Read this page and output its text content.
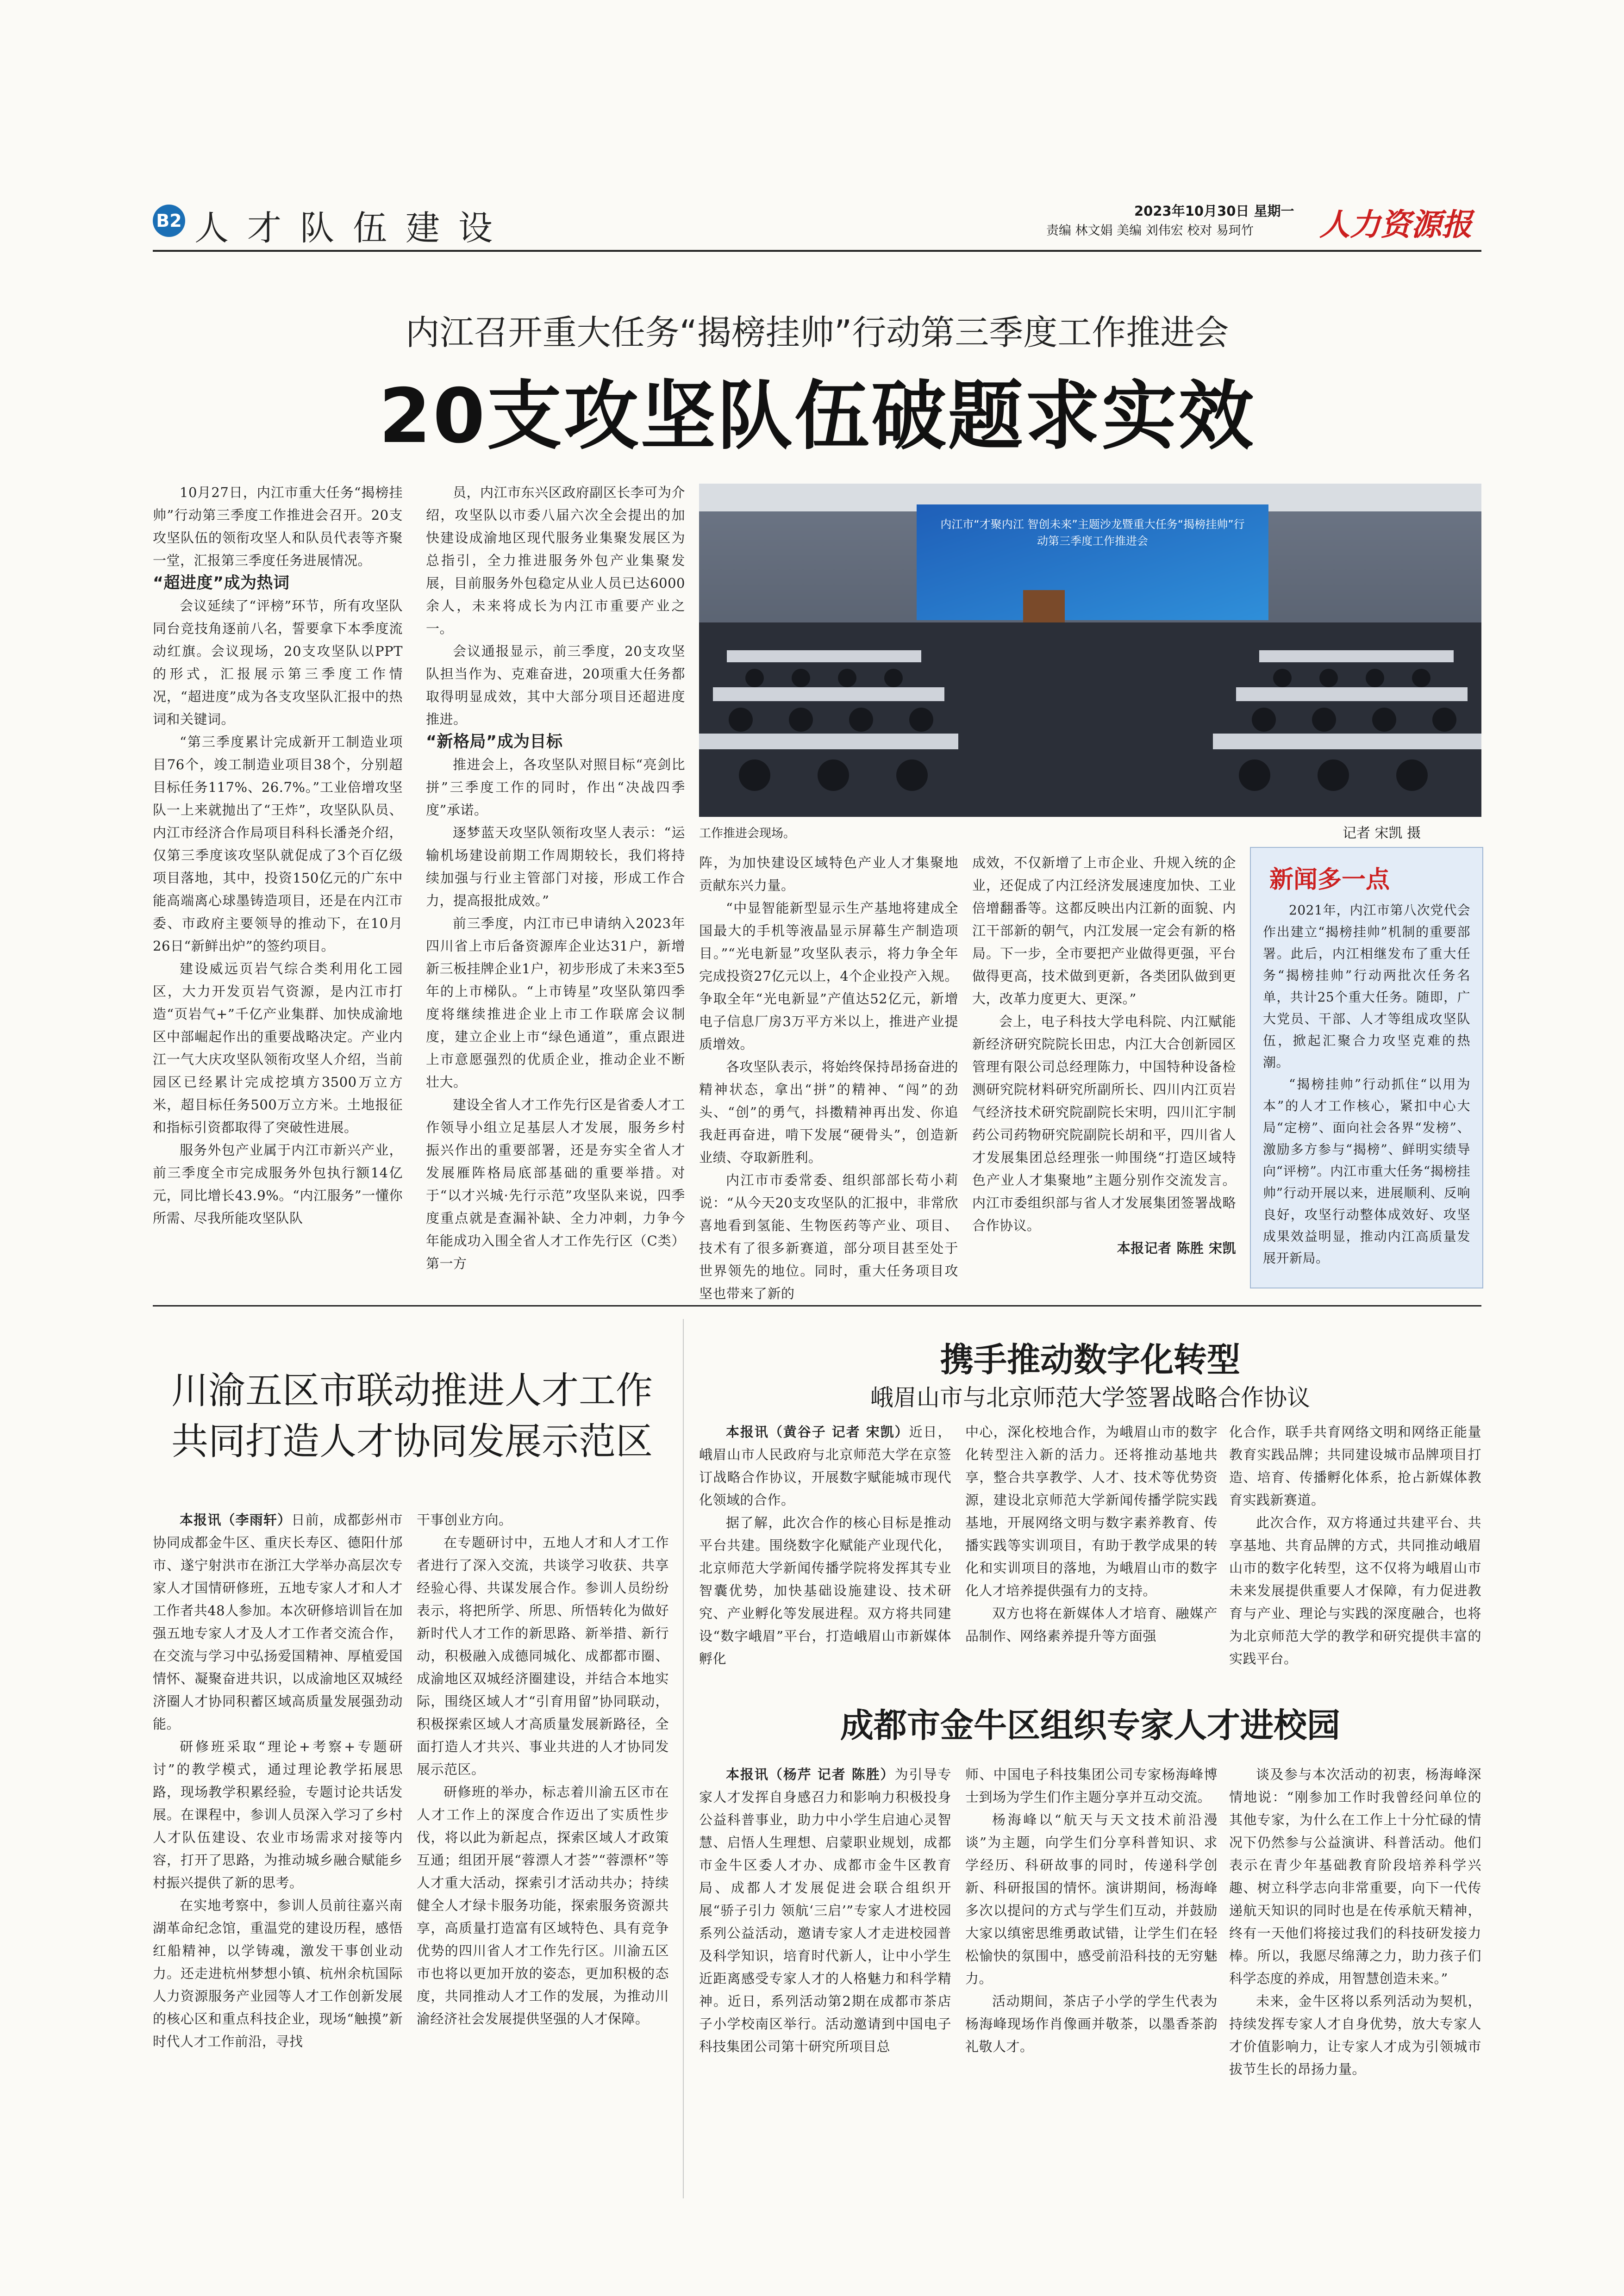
B2 人才队伍建设	2023年10月30日 星期一
责编 林文娟 美编 刘伟宏 校对 易珂竹 人力资源报
内江召开重大任务“揭榜挂帅”行动第三季度工作推进会
20支攻坚队伍破题求实效

10月27日，内江市重大任务“揭榜挂帅”行动第三季度工作推进会召开。20支攻坚队伍的领衔攻坚人和队员代表等齐聚一堂，汇报第三季度任务进展情况。

“超进度”成为热词

会议延续了“评榜”环节，所有攻坚队同台竞技角逐前八名，誓要拿下本季度流动红旗。会议现场，20支攻坚队以PPT的形式，汇报展示第三季度工作情况，“超进度”成为各支攻坚队汇报中的热词和关键词。

“第三季度累计完成新开工制造业项目76个，竣工制造业项目38个，分别超目标任务117%、26.7%。”工业倍增攻坚队一上来就抛出了“王炸”，攻坚队队员、内江市经济合作局项目科科长潘尧介绍，仅第三季度该攻坚队就促成了3个百亿级项目落地，其中，投资150亿元的广东中能高端离心球墨铸造项目，还是在内江市委、市政府主要领导的推动下，在10月26日“新鲜出炉”的签约项目。

建设威远页岩气综合类利用化工园区，大力开发页岩气资源，是内江市打造“页岩气+”千亿产业集群、加快成渝地区中部崛起作出的重要战略决定。产业内江一气大庆攻坚队领衔攻坚人介绍，当前园区已经累计完成挖填方3500万立方米，超目标任务500万立方米。土地报征和指标引资都取得了突破性进展。

服务外包产业属于内江市新兴产业，前三季度全市完成服务外包执行额14亿元，同比增长43.9%。“内江服务”一懂你所需、尽我所能攻坚队队

员，内江市东兴区政府副区长李可为介绍，攻坚队以市委八届六次全会提出的加快建设成渝地区现代服务业集聚发展区为总指引，全力推进服务外包产业集聚发展，目前服务外包稳定从业人员已达6000余人，未来将成长为内江市重要产业之一。

会议通报显示，前三季度，20支攻坚队担当作为、克难奋进，20项重大任务都取得明显成效，其中大部分项目还超进度推进。

“新格局”成为目标

推进会上，各攻坚队对照目标“亮剑比拼”三季度工作的同时，作出“决战四季度”承诺。

逐梦蓝天攻坚队领衔攻坚人表示：“运输机场建设前期工作周期较长，我们将持续加强与行业主管部门对接，形成工作合力，提高报批成效。”

前三季度，内江市已申请纳入2023年四川省上市后备资源库企业达31户，新增新三板挂牌企业1户，初步形成了未来3至5年的上市梯队。“上市铸星”攻坚队第四季度将继续推进企业上市工作联席会议制度，建立企业上市“绿色通道”，重点跟进上市意愿强烈的优质企业，推动企业不断壮大。

建设全省人才工作先行区是省委人才工作领导小组立足基层人才发展，服务乡村振兴作出的重要部署，还是夯实全省人才发展雁阵格局底部基础的重要举措。对于“以才兴城·先行示范”攻坚队来说，四季度重点就是查漏补缺、全力冲刺，力争今年能成功入围全省人才工作先行区（C类）第一方

内江市“才聚内江 智创未来”主题沙龙暨重大任务“揭榜挂帅”行动第三季度工作推进会
工作推进会现场。	记者 宋凯 摄

阵，为加快建设区域特色产业人才集聚地贡献东兴力量。

“中显智能新型显示生产基地将建成全国最大的手机等液晶显示屏幕生产制造项目。”“光电新显”攻坚队表示，将力争全年完成投资27亿元以上，4个企业投产入规。争取全年“光电新显”产值达52亿元，新增电子信息厂房3万平方米以上，推进产业提质增效。

各攻坚队表示，将始终保持昂扬奋进的精神状态，拿出“拼”的精神、“闯”的劲头、“创”的勇气，抖擞精神再出发、你追我赶再奋进，啃下发展“硬骨头”，创造新业绩、夺取新胜利。

内江市市委常委、组织部部长苟小莉说：“从今天20支攻坚队的汇报中，非常欣喜地看到氢能、生物医药等产业、项目、技术有了很多新赛道，部分项目甚至处于世界领先的地位。同时，重大任务项目攻坚也带来了新的

成效，不仅新增了上市企业、升规入统的企业，还促成了内江经济发展速度加快、工业倍增翻番等。这都反映出内江新的面貌、内江干部新的朝气，内江发展一定会有新的格局。下一步，全市要把产业做得更强，平台做得更高，技术做到更新，各类团队做到更大，改革力度更大、更深。”

会上，电子科技大学电科院、内江赋能新经济研究院院长田忠，内江大合创新园区管理有限公司总经理陈力，中国特种设备检测研究院材料研究所副所长、四川内江页岩气经济技术研究院副院长宋明，四川汇宇制药公司药物研究院副院长胡和平，四川省人才发展集团总经理张一帅围绕“打造区域特色产业人才集聚地”主题分别作交流发言。内江市委组织部与省人才发展集团签署战略合作协议。

本报记者 陈胜 宋凯

新闻多一点

2021年，内江市第八次党代会作出建立“揭榜挂帅”机制的重要部署。此后，内江相继发布了重大任务“揭榜挂帅”行动两批次任务名单，共计25个重大任务。随即，广大党员、干部、人才等组成攻坚队伍，掀起汇聚合力攻坚克难的热潮。

“揭榜挂帅”行动抓住“以用为本”的人才工作核心，紧扣中心大局“定榜”、面向社会各界“发榜”、激励多方参与“揭榜”、鲜明实绩导向“评榜”。内江市重大任务“揭榜挂帅”行动开展以来，进展顺利、反响良好，攻坚行动整体成效好、攻坚成果效益明显，推动内江高质量发展开新局。

川渝五区市联动推进人才工作
共同打造人才协同发展示范区

本报讯（李雨轩）日前，成都彭州市协同成都金牛区、重庆长寿区、德阳什邡市、遂宁射洪市在浙江大学举办高层次专家人才国情研修班，五地专家人才和人才工作者共48人参加。本次研修培训旨在加强五地专家人才及人才工作者交流合作，在交流与学习中弘扬爱国精神、厚植爱国情怀、凝聚奋进共识，以成渝地区双城经济圈人才协同积蓄区域高质量发展强劲动能。

研修班采取“理论+考察+专题研讨”的教学模式，通过理论教学拓展思路，现场教学积累经验，专题讨论共话发展。在课程中，参训人员深入学习了乡村人才队伍建设、农业市场需求对接等内容，打开了思路，为推动城乡融合赋能乡村振兴提供了新的思考。

在实地考察中，参训人员前往嘉兴南湖革命纪念馆，重温党的建设历程，感悟红船精神，以学铸魂，激发干事创业动力。还走进杭州梦想小镇、杭州余杭国际人力资源服务产业园等人才工作创新发展的核心区和重点科技企业，现场“触摸”新时代人才工作前沿，寻找

干事创业方向。

在专题研讨中，五地人才和人才工作者进行了深入交流，共谈学习收获、共享经验心得、共谋发展合作。参训人员纷纷表示，将把所学、所思、所悟转化为做好新时代人才工作的新思路、新举措、新行动，积极融入成德同城化、成都都市圈、成渝地区双城经济圈建设，并结合本地实际，围绕区域人才“引育用留”协同联动，积极探索区域人才高质量发展新路径，全面打造人才共兴、事业共进的人才协同发展示范区。

研修班的举办，标志着川渝五区市在人才工作上的深度合作迈出了实质性步伐，将以此为新起点，探索区域人才政策互通；组团开展“蓉漂人才荟”“蓉漂杯”等人才重大活动，探索引才活动共办；持续健全人才绿卡服务功能，探索服务资源共享，高质量打造富有区域特色、具有竞争优势的四川省人才工作先行区。川渝五区市也将以更加开放的姿态，更加积极的态度，共同推动人才工作的发展，为推动川渝经济社会发展提供坚强的人才保障。

携手推动数字化转型
峨眉山市与北京师范大学签署战略合作协议

本报讯（黄谷子 记者 宋凯）近日，峨眉山市人民政府与北京师范大学在京签订战略合作协议，开展数字赋能城市现代化领域的合作。

据了解，此次合作的核心目标是推动平台共建。围绕数字化赋能产业现代化，北京师范大学新闻传播学院将发挥其专业智囊优势，加快基础设施建设、技术研究、产业孵化等发展进程。双方将共同建设“数字峨眉”平台，打造峨眉山市新媒体孵化

中心，深化校地合作，为峨眉山市的数字化转型注入新的活力。还将推动基地共享，整合共享教学、人才、技术等优势资源，建设北京师范大学新闻传播学院实践基地，开展网络文明与数字素养教育、传播实践等实训项目，有助于教学成果的转化和实训项目的落地，为峨眉山市的数字化人才培养提供强有力的支持。

双方也将在新媒体人才培育、融媒产品制作、网络素养提升等方面强

化合作，联手共育网络文明和网络正能量教育实践品牌；共同建设城市品牌项目打造、培育、传播孵化体系，抢占新媒体教育实践新赛道。

此次合作，双方将通过共建平台、共享基地、共育品牌的方式，共同推动峨眉山市的数字化转型，这不仅将为峨眉山市未来发展提供重要人才保障，有力促进教育与产业、理论与实践的深度融合，也将为北京师范大学的教学和研究提供丰富的实践平台。

成都市金牛区组织专家人才进校园

本报讯（杨芹 记者 陈胜）为引导专家人才发挥自身感召力和影响力积极投身公益科普事业，助力中小学生启迪心灵智慧、启悟人生理想、启蒙职业规划，成都市金牛区委人才办、成都市金牛区教育局、成都人才发展促进会联合组织开展“骄子引力 领航‘三启’”专家人才进校园系列公益活动，邀请专家人才走进校园普及科学知识，培育时代新人，让中小学生近距离感受专家人才的人格魅力和科学精神。近日，系列活动第2期在成都市茶店子小学校南区举行。活动邀请到中国电子科技集团公司第十研究所项目总

师、中国电子科技集团公司专家杨海峰博士到场为学生们作主题分享并互动交流。

杨海峰以“航天与天文技术前沿漫谈”为主题，向学生们分享科普知识、求学经历、科研故事的同时，传递科学创新、科研报国的情怀。演讲期间，杨海峰多次以提问的方式与学生们互动，并鼓励大家以缜密思维勇敢试错，让学生们在轻松愉快的氛围中，感受前沿科技的无穷魅力。

活动期间，茶店子小学的学生代表为杨海峰现场作肖像画并敬茶，以墨香茶韵礼敬人才。

谈及参与本次活动的初衷，杨海峰深情地说：“刚参加工作时我曾经问单位的其他专家，为什么在工作上十分忙碌的情况下仍然参与公益演讲、科普活动。他们表示在青少年基础教育阶段培养科学兴趣、树立科学志向非常重要，向下一代传递航天知识的同时也是在传承航天精神，终有一天他们将接过我们的科技研发接力棒。所以，我愿尽绵薄之力，助力孩子们科学态度的养成，用智慧创造未来。”

未来，金牛区将以系列活动为契机，持续发挥专家人才自身优势，放大专家人才价值影响力，让专家人才成为引领城市拔节生长的昂扬力量。
